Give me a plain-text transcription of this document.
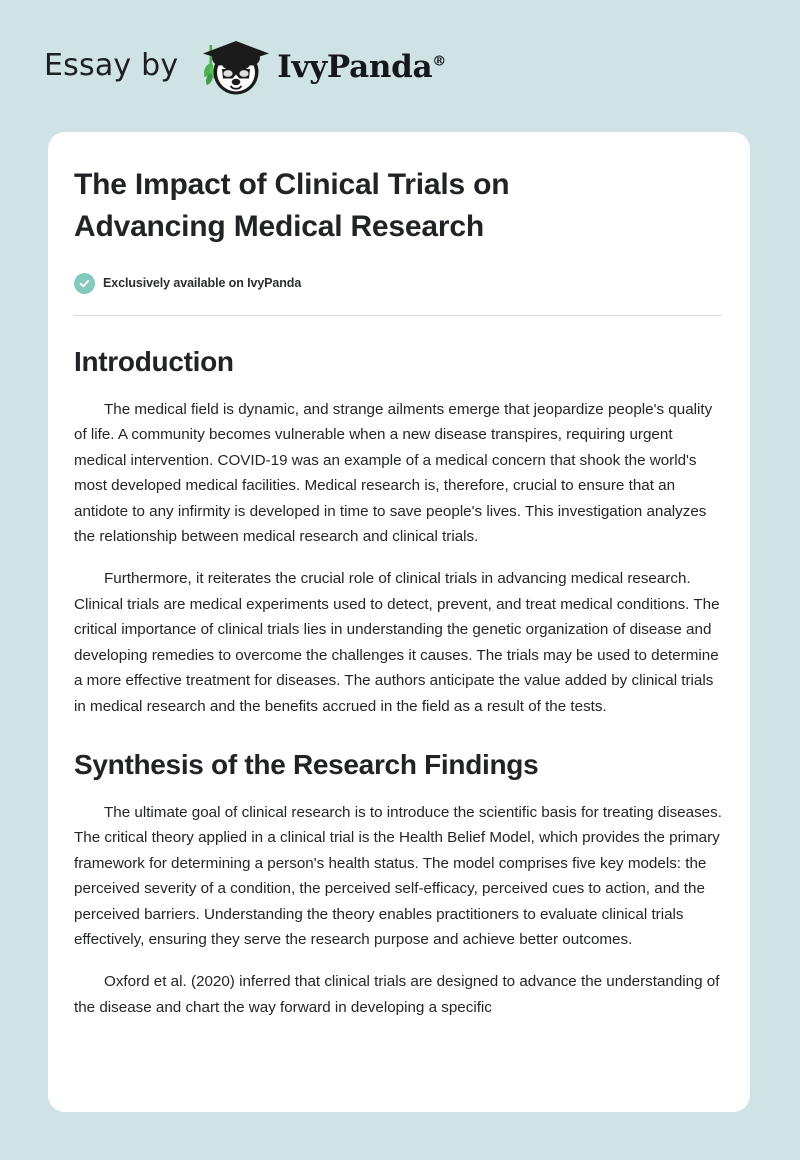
Essay by	IvyPanda®
The Impact of Clinical Trials on Advancing Medical Research
Exclusively available on IvyPanda
Introduction

The medical field is dynamic, and strange ailments emerge that jeopardize people's quality of life. A community becomes vulnerable when a new disease transpires, requiring urgent medical intervention. COVID-19 was an example of a medical concern that shook the world's most developed medical facilities. Medical research is, therefore, crucial to ensure that an antidote to any infirmity is developed in time to save people's lives. This investigation analyzes the relationship between medical research and clinical trials.

Furthermore, it reiterates the crucial role of clinical trials in advancing medical research. Clinical trials are medical experiments used to detect, prevent, and treat medical conditions. The critical importance of clinical trials lies in understanding the genetic organization of disease and developing remedies to overcome the challenges it causes. The trials may be used to determine a more effective treatment for diseases. The authors anticipate the value added by clinical trials in medical research and the benefits accrued in the field as a result of the tests.

Synthesis of the Research Findings

The ultimate goal of clinical research is to introduce the scientific basis for treating diseases. The critical theory applied in a clinical trial is the Health Belief Model, which provides the primary framework for determining a person's health status. The model comprises five key models: the perceived severity of a condition, the perceived self-efficacy, perceived cues to action, and the perceived barriers. Understanding the theory enables practitioners to evaluate clinical trials effectively, ensuring they serve the research purpose and achieve better outcomes.

Oxford et al. (2020) inferred that clinical trials are designed to advance the understanding of the disease and chart the way forward in developing a specific
